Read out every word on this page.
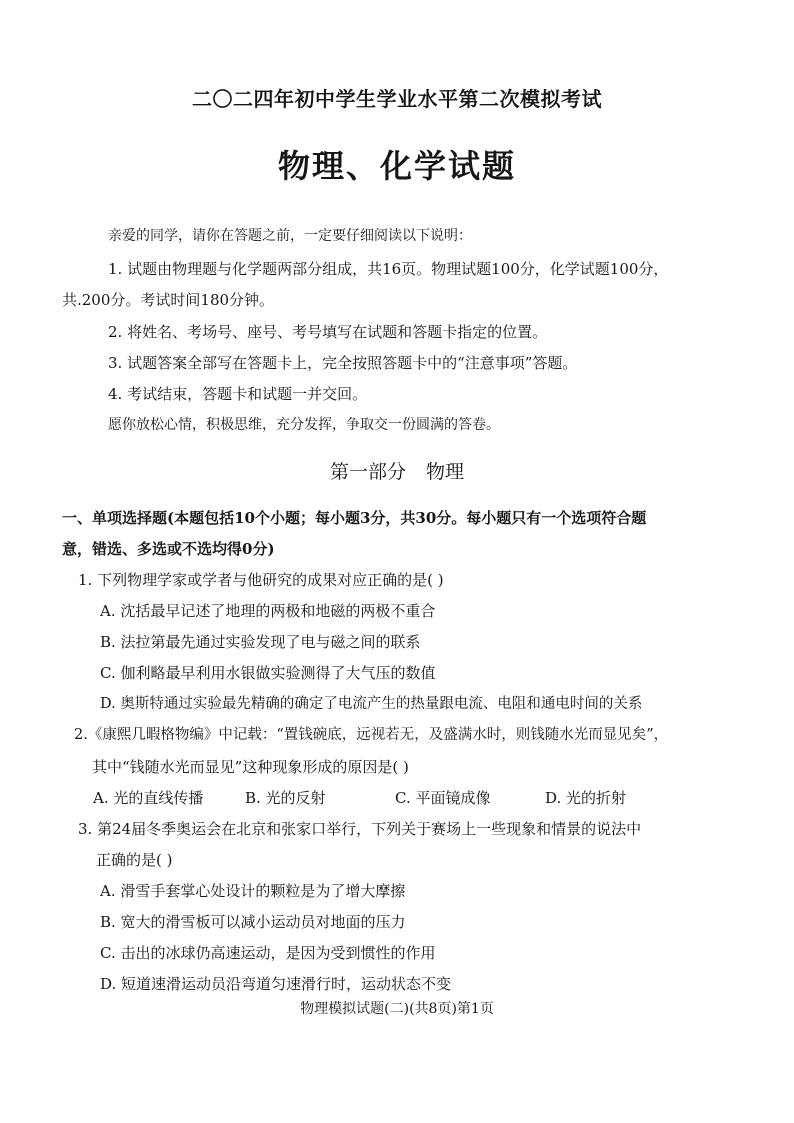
二〇二四年初中学生学业水平第二次模拟考试
物理、化学试题
亲爱的同学，请你在答题之前，一定要仔细阅读以下说明：
1. 试题由物理题与化学题两部分组成，共16页。物理试题100分，化学试题100分，
共.200分。考试时间180分钟。
2. 将姓名、考场号、座号、考号填写在试题和答题卡指定的位置。
3. 试题答案全部写在答题卡上，完全按照答题卡中的“注意事项”答题。
4. 考试结束，答题卡和试题一并交回。
愿你放松心情，积极思维，充分发挥，争取交一份圆满的答卷。
第一部分 物理
一、单项选择题(本题包括10个小题；每小题3分，共30分。每小题只有一个选项符合题
意，错选、多选或不选均得0分)
1. 下列物理学家或学者与他研究的成果对应正确的是( )
A. 沈括最早记述了地理的两极和地磁的两极不重合
B. 法拉第最先通过实验发现了电与磁之间的联系
C. 伽利略最早利用水银做实验测得了大气压的数值
D. 奥斯特通过实验最先精确的确定了电流产生的热量跟电流、电阻和通电时间的关系
2.《康熙几暇格物编》中记载：“置钱碗底，远视若无，及盛满水时，则钱随水光而显见矣”，
其中“钱随水光而显见”这种现象形成的原因是( )
A. 光的直线传播	B. 光的反射	C. 平面镜成像	D. 光的折射
3. 第24届冬季奥运会在北京和张家口举行，下列关于赛场上一些现象和情景的说法中
正确的是( )
A. 滑雪手套掌心处设计的颗粒是为了增大摩擦
B. 宽大的滑雪板可以减小运动员对地面的压力
C. 击出的冰球仍高速运动，是因为受到惯性的作用
D. 短道速滑运动员沿弯道匀速滑行时，运动状态不变
物理模拟试题(二)(共8页)第1页
